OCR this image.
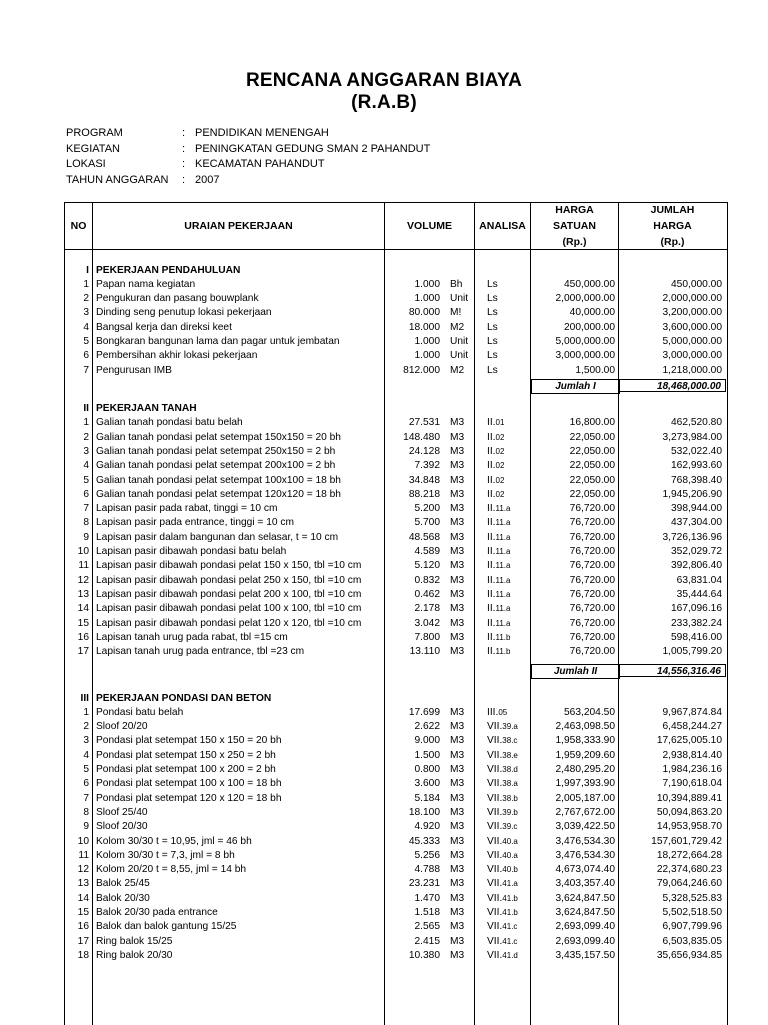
RENCANA ANGGARAN BIAYA
(R.A.B)
PROGRAM	: PENDIDIKAN MENENGAH
KEGIATAN	: PENINGKATAN GEDUNG SMAN 2 PAHANDUT
LOKASI	: KECAMATAN PAHANDUT
TAHUN ANGGARAN	: 2007
NO	URAIAN PEKERJAAN	VOLUME	ANALISA
HARGA
SATUAN
(Rp.)
JUMLAH
HARGA
(Rp.)
I PEKERJAAN PENDAHULUAN
1 Papan nama kegiatan	1.000 Bh Ls	450,000.00	450,000.00
2 Pengukuran dan pasang bouwplank	1.000 Unit Ls	2,000,000.00	2,000,000.00
3 Dinding seng penutup lokasi pekerjaan	80.000 M!	Ls	40,000.00	3,200,000.00
4 Bangsal kerja dan direksi keet	18.000 M2 Ls	200,000.00	3,600,000.00
5 Bongkaran bangunan lama dan pagar untuk jembatan	1.000 Unit Ls	5,000,000.00	5,000,000.00
6 Pembersihan akhir lokasi pekerjaan	1.000 Unit Ls	3,000,000.00	3,000,000.00
7 Pengurusan IMB	812.000 M2 Ls	1,500.00	1,218,000.00
Jumlah I	18,468,000.00
II PEKERJAAN TANAH
1 Galian tanah pondasi batu belah	27.531 M3 II.01	16,800.00	462,520.80
2 Galian tanah pondasi pelat setempat 150x150 = 20 bh	148.480 M3 II.02	22,050.00	3,273,984.00
3 Galian tanah pondasi pelat setempat 250x150 = 2 bh	24.128 M3 II.02	22,050.00	532,022.40
4 Galian tanah pondasi pelat setempat 200x100 = 2 bh	7.392 M3 II.02	22,050.00	162,993.60
5 Galian tanah pondasi pelat setempat 100x100 = 18 bh	34.848 M3 II.02	22,050.00	768,398.40
6 Galian tanah pondasi pelat setempat 120x120 = 18 bh	88.218 M3 II.02	22,050.00	1,945,206.90
7 Lapisan pasir pada rabat, tinggi = 10 cm	5.200 M3 II.11.a	76,720.00	398,944.00
8 Lapisan pasir pada entrance, tinggi = 10 cm	5.700 M3 II.11.a	76,720.00	437,304.00
9 Lapisan pasir dalam bangunan dan selasar, t = 10 cm	48.568 M3 II.11.a	76,720.00	3,726,136.96
10 Lapisan pasir dibawah pondasi batu belah	4.589 M3 II.11.a	76,720.00	352,029.72
11 Lapisan pasir dibawah pondasi pelat 150 x 150, tbl =10 cm	5.120 M3 II.11.a	76,720.00	392,806.40
12 Lapisan pasir dibawah pondasi pelat 250 x 150, tbl =10 cm	0.832 M3 II.11.a	76,720.00	63,831.04
13 Lapisan pasir dibawah pondasi pelat 200 x 100, tbl =10 cm	0.462 M3 II.11.a	76,720.00	35,444.64
14 Lapisan pasir dibawah pondasi pelat 100 x 100, tbl =10 cm	2.178 M3 II.11.a	76,720.00	167,096.16
15 Lapisan pasir dibawah pondasi pelat 120 x 120, tbl =10 cm	3.042 M3 II.11.a	76,720.00	233,382.24
16 Lapisan tanah urug pada rabat, tbl =15 cm	7.800 M3 II.11.b	76,720.00	598,416.00
17 Lapisan tanah urug pada entrance, tbl =23 cm	13.110 M3 II.11.b	76,720.00	1,005,799.20
Jumlah II	14,556,316.46
III PEKERJAAN PONDASI DAN BETON
1 Pondasi batu belah	17.699 M3 III.05	563,204.50	9,967,874.84
2 Sloof 20/20	2.622 M3 VII.39.a	2,463,098.50	6,458,244.27
3 Pondasi plat setempat 150 x 150 = 20 bh	9.000 M3 VII.38.c	1,958,333.90	17,625,005.10
4 Pondasi plat setempat 150 x 250 = 2 bh	1.500 M3 VII.38.e	1,959,209.60	2,938,814.40
5 Pondasi plat setempat 100 x 200 = 2 bh	0.800 M3 VII.38.d	2,480,295.20	1,984,236.16
6 Pondasi plat setempat 100 x 100 = 18 bh	3.600 M3 VII.38.a	1,997,393.90	7,190,618.04
7 Pondasi plat setempat 120 x 120 = 18 bh	5.184 M3 VII.38.b	2,005,187.00	10,394,889.41
8 Sloof 25/40	18.100 M3 VII.39.b	2,767,672.00	50,094,863.20
9 Sloof 20/30	4.920 M3 VII.39.c	3,039,422.50	14,953,958.70
10 Kolom 30/30 t = 10,95, jml = 46 bh	45.333 M3 VII.40.a	3,476,534.30	157,601,729.42
11 Kolom 30/30 t = 7,3, jml = 8 bh	5.256 M3 VII.40.a	3,476,534.30	18,272,664.28
12 Kolom 20/20 t = 8,55, jml = 14 bh	4.788 M3 VII.40.b	4,673,074.40	22,374,680.23
13 Balok 25/45	23.231 M3 VII.41.a	3,403,357.40	79,064,246.60
14 Balok 20/30	1.470 M3 VII.41.b	3,624,847.50	5,328,525.83
15 Balok 20/30 pada entrance	1.518 M3 VII.41.b	3,624,847.50	5,502,518.50
16 Balok dan balok gantung 15/25	2.565 M3 VII.41.c	2,693,099.40	6,907,799.96
17 Ring balok 15/25	2.415 M3 VII.41.c	2,693,099.40	6,503,835.05
18 Ring balok 20/30	10.380 M3 VII.41.d	3,435,157.50	35,656,934.85
